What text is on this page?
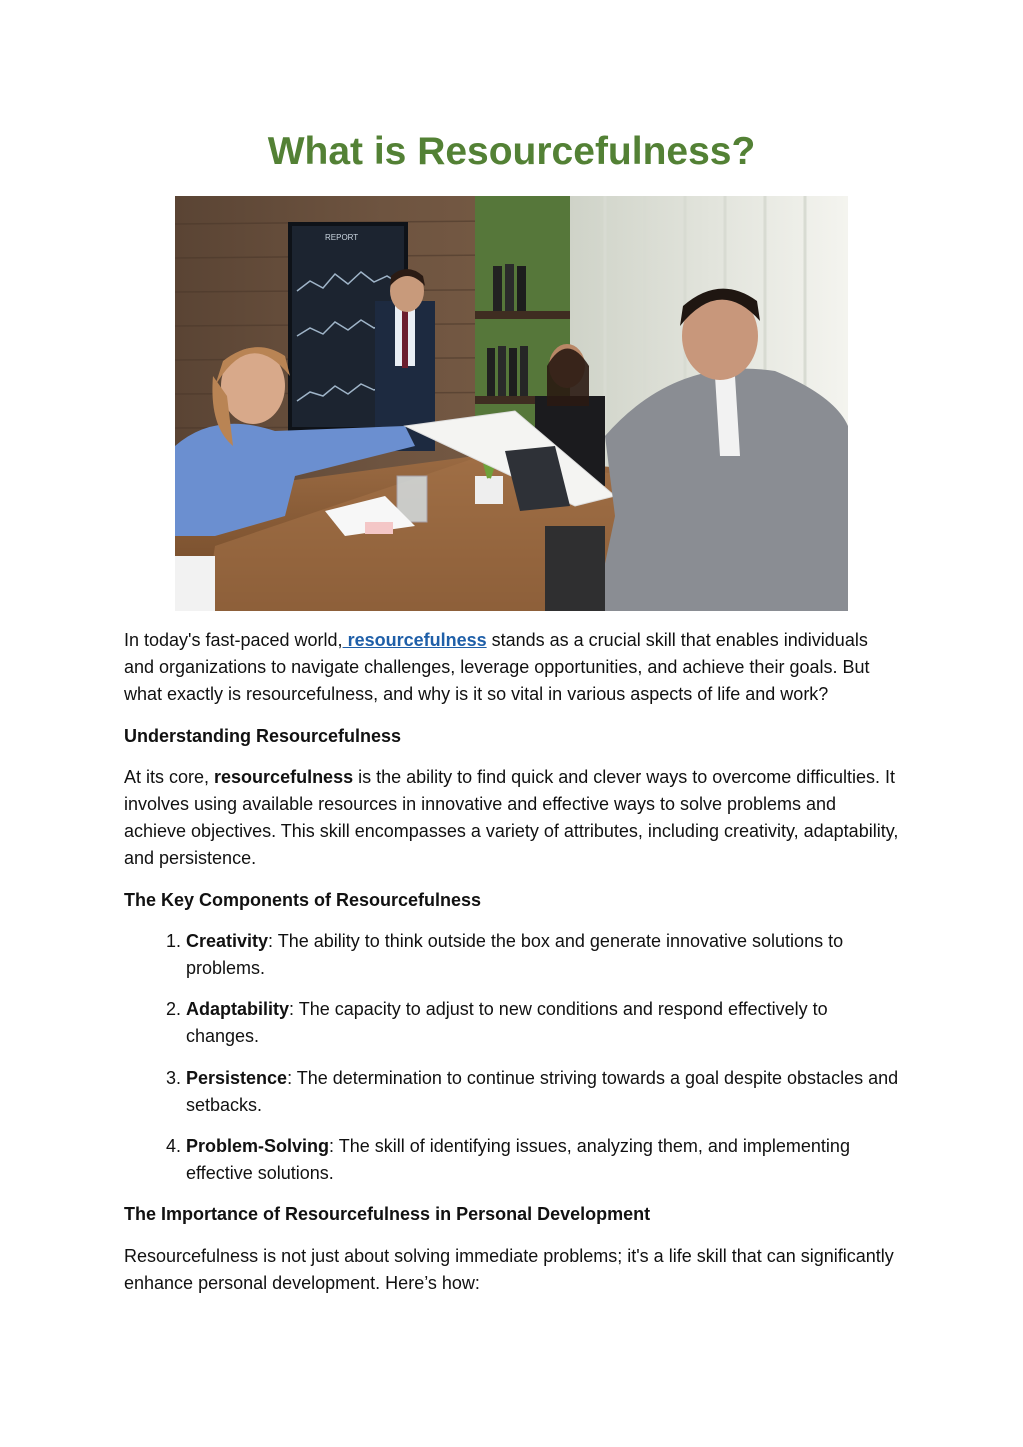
What is Resourcefulness?
REPORT

In today's fast-paced world, resourcefulness stands as a crucial skill that enables individuals and organizations to navigate challenges, leverage opportunities, and achieve their goals. But what exactly is resourcefulness, and why is it so vital in various aspects of life and work?

Understanding Resourcefulness

At its core, resourcefulness is the ability to find quick and clever ways to overcome difficulties. It involves using available resources in innovative and effective ways to solve problems and achieve objectives. This skill encompasses a variety of attributes, including creativity, adaptability, and persistence.

The Key Components of Resourcefulness

1. Creativity: The ability to think outside the box and generate innovative solutions to problems.
2. Adaptability: The capacity to adjust to new conditions and respond effectively to changes.
3. Persistence: The determination to continue striving towards a goal despite obstacles and setbacks.
4. Problem-Solving: The skill of identifying issues, analyzing them, and implementing effective solutions.

The Importance of Resourcefulness in Personal Development

Resourcefulness is not just about solving immediate problems; it's a life skill that can significantly enhance personal development. Here’s how:
